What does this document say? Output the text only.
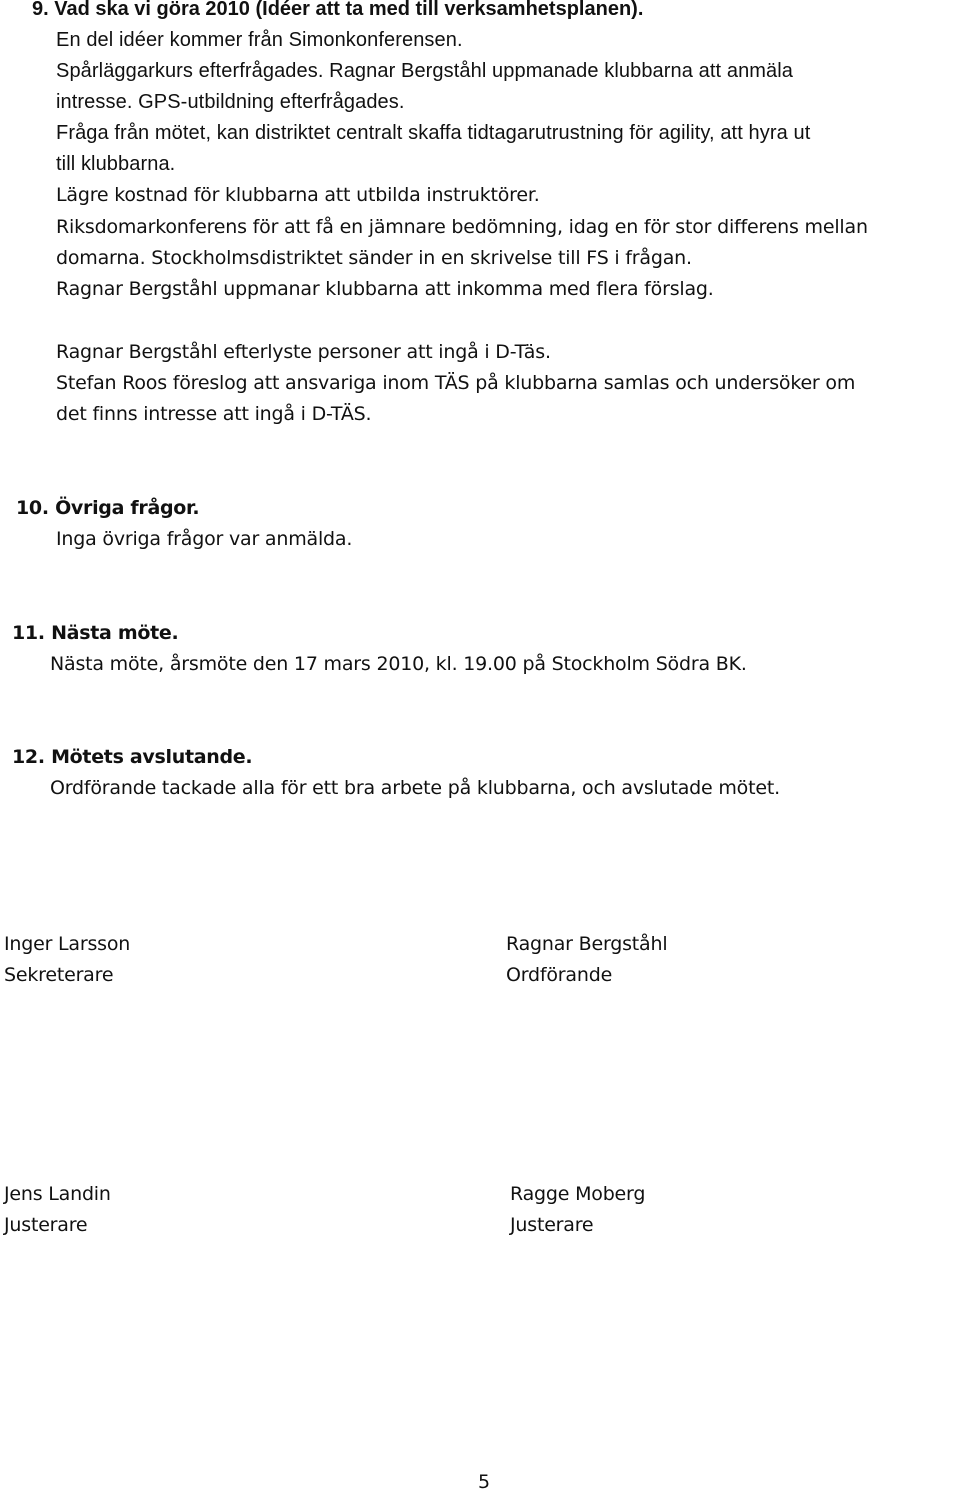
9. Vad ska vi göra 2010 (Idéer att ta med till verksamhetsplanen).
En del idéer kommer från Simonkonferensen.
Spårläggarkurs efterfrågades. Ragnar Bergståhl uppmanade klubbarna att anmäla
intresse. GPS-utbildning efterfrågades.
Fråga från mötet, kan distriktet centralt skaffa tidtagarutrustning för agility, att hyra ut
till klubbarna.
Lägre kostnad för klubbarna att utbilda instruktörer.
Riksdomarkonferens för att få en jämnare bedömning, idag en för stor differens mellan
domarna. Stockholmsdistriktet sänder in en skrivelse till FS i frågan.
Ragnar Bergståhl uppmanar klubbarna att inkomma med flera förslag.
Ragnar Bergståhl efterlyste personer att ingå i D-Täs.
Stefan Roos föreslog att ansvariga inom TÄS på klubbarna samlas och undersöker om
det finns intresse att ingå i D-TÄS.
10. Övriga frågor.
Inga övriga frågor var anmälda.
11. Nästa möte.
Nästa möte, årsmöte den 17 mars 2010, kl. 19.00 på Stockholm Södra BK.
12. Mötets avslutande.
Ordförande tackade alla för ett bra arbete på klubbarna, och avslutade mötet.
Inger Larsson
Sekreterare
Ragnar Bergståhl
Ordförande
Jens Landin
Justerare
Ragge Moberg
Justerare
5
